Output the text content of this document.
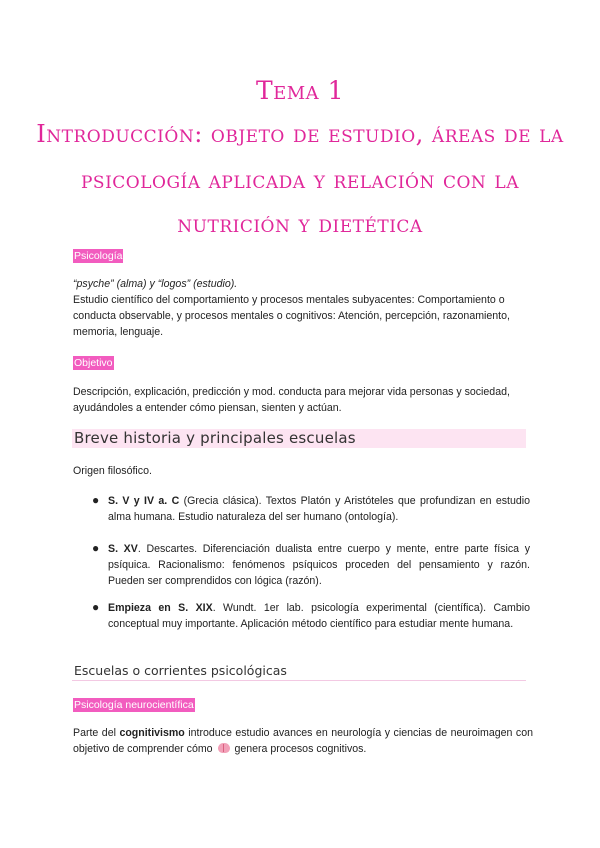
Tema 1
Introducción: objeto de estudio, áreas de la
psicología aplicada y relación con la
nutrición y dietética
Psicología
“psyche” (alma) y “logos” (estudio).
Estudio científico del comportamiento y procesos mentales subyacentes: Comportamiento o conducta observable, y procesos mentales o cognitivos: Atención, percepción, razonamiento, memoria, lenguaje.
Objetivo
Descripción, explicación, predicción y mod. conducta para mejorar vida personas y sociedad, ayudándoles a entender cómo piensan, sienten y actúan.
Breve historia y principales escuelas
Origen filosófico.
● S. V y IV a. C (Grecia clásica). Textos Platón y Aristóteles que profundizan en estudio alma humana. Estudio naturaleza del ser humano (ontología).
● S. XV. Descartes. Diferenciación dualista entre cuerpo y mente, entre parte física y psíquica. Racionalismo: fenómenos psíquicos proceden del pensamiento y razón. Pueden ser comprendidos con lógica (razón).
● Empieza en S. XIX. Wundt. 1er lab. psicología experimental (científica). Cambio conceptual muy importante. Aplicación método científico para estudiar mente humana.
Escuelas o corrientes psicológicas
Psicología neurocientífica
Parte del cognitivismo introduce estudio avances en neurología y ciencias de neuroimagen con objetivo de comprender cómo  genera procesos cognitivos.
